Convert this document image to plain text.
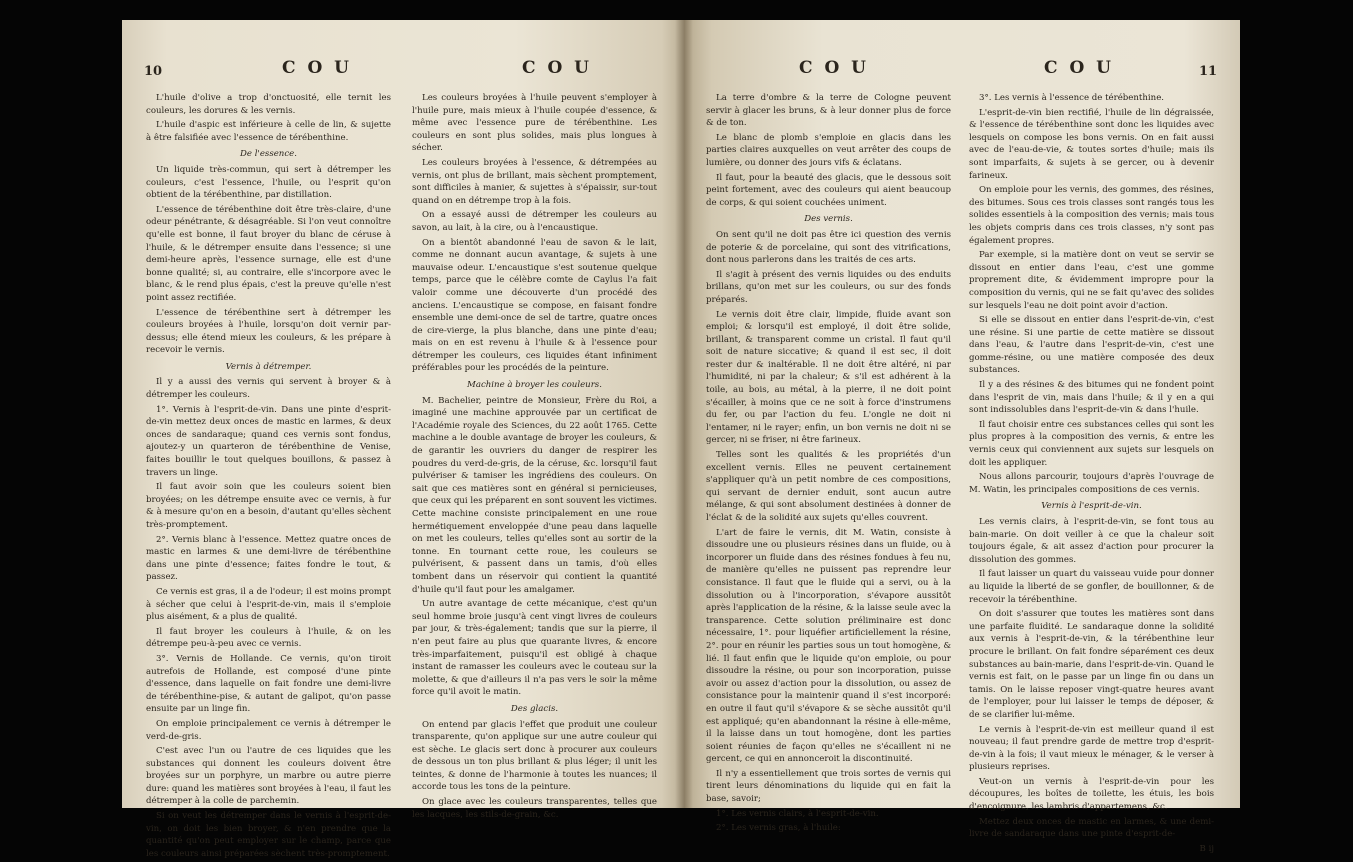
10	C O U	C O U

L'huile d'olive a trop d'onctuosité, elle ternit les couleurs, les dorures & les vernis.

L'huile d'aspic est inférieure à celle de lin, & sujette à être falsifiée avec l'essence de térébenthine.

De l'essence.

Un liquide très-commun, qui sert à détremper les couleurs, c'est l'essence, l'huile, ou l'esprit qu'on obtient de la térébenthine, par distillation.

L'essence de térébenthine doit être très-claire, d'une odeur pénétrante, & désagréable. Si l'on veut connoître qu'elle est bonne, il faut broyer du blanc de céruse à l'huile, & le détremper ensuite dans l'essence; si une demi-heure après, l'essence surnage, elle est d'une bonne qualité; si, au contraire, elle s'incorpore avec le blanc, & le rend plus épais, c'est la preuve qu'elle n'est point assez rectifiée.

L'essence de térébenthine sert à détremper les couleurs broyées à l'huile, lorsqu'on doit vernir par-dessus; elle étend mieux les couleurs, & les prépare à recevoir le vernis.

Vernis à détremper.

Il y a aussi des vernis qui servent à broyer & à détremper les couleurs.

1°. Vernis à l'esprit-de-vin. Dans une pinte d'esprit-de-vin mettez deux onces de mastic en larmes, & deux onces de sandaraque; quand ces vernis sont fondus, ajoutez-y un quarteron de térébenthine de Venise, faites bouillir le tout quelques bouillons, & passez à travers un linge.

Il faut avoir soin que les couleurs soient bien broyées; on les détrempe ensuite avec ce vernis, à fur & à mesure qu'on en a besoin, d'autant qu'elles sèchent très-promptement.

2°. Vernis blanc à l'essence. Mettez quatre onces de mastic en larmes & une demi-livre de térébenthine dans une pinte d'essence; faites fondre le tout, & passez.

Ce vernis est gras, il a de l'odeur; il est moins prompt à sécher que celui à l'esprit-de-vin, mais il s'emploie plus aisément, & a plus de qualité.

Il faut broyer les couleurs à l'huile, & on les détrempe peu-à-peu avec ce vernis.

3°. Vernis de Hollande. Ce vernis, qu'on tiroit autrefois de Hollande, est composé d'une pinte d'essence, dans laquelle on fait fondre une demi-livre de térébenthine-pise, & autant de galipot, qu'on passe ensuite par un linge fin.

On emploie principalement ce vernis à détremper le verd-de-gris.

C'est avec l'un ou l'autre de ces liquides que les substances qui donnent les couleurs doivent être broyées sur un porphyre, un marbre ou autre pierre dure: quand les matières sont broyées à l'eau, il faut les détremper à la colle de parchemin.

Si on veut les détremper dans le vernis à l'esprit-de-vin, on doit les bien broyer, & n'en prendre que la quantité qu'on peut employer sur le champ, parce que les couleurs ainsi préparées sèchent très-promptement.

Les couleurs broyées à l'huile peuvent s'employer à l'huile pure, mais mieux à l'huile coupée d'essence, & même avec l'essence pure de térébenthine. Les couleurs en sont plus solides, mais plus longues à sécher.

Les couleurs broyées à l'essence, & détrempées au vernis, ont plus de brillant, mais sèchent promptement, sont difficiles à manier, & sujettes à s'épaissir, sur-tout quand on en détrempe trop à la fois.

On a essayé aussi de détremper les couleurs au savon, au lait, à la cire, ou à l'encaustique.

On a bientôt abandonné l'eau de savon & le lait, comme ne donnant aucun avantage, & sujets à une mauvaise odeur. L'encaustique s'est soutenue quelque temps, parce que le célèbre comte de Caylus l'a fait valoir comme une découverte d'un procédé des anciens. L'encaustique se compose, en faisant fondre ensemble une demi-once de sel de tartre, quatre onces de cire-vierge, la plus blanche, dans une pinte d'eau; mais on en est revenu à l'huile & à l'essence pour détremper les couleurs, ces liquides étant infiniment préférables pour les procédés de la peinture.

Machine à broyer les couleurs.

M. Bachelier, peintre de Monsieur, Frère du Roi, a imaginé une machine approuvée par un certificat de l'Académie royale des Sciences, du 22 août 1765. Cette machine a le double avantage de broyer les couleurs, & de garantir les ouvriers du danger de respirer les poudres du verd-de-gris, de la céruse, &c. lorsqu'il faut pulvériser & tamiser les ingrédiens des couleurs. On sait que ces matières sont en général si pernicieuses, que ceux qui les préparent en sont souvent les victimes. Cette machine consiste principalement en une roue hermétiquement enveloppée d'une peau dans laquelle on met les couleurs, telles qu'elles sont au sortir de la tonne. En tournant cette roue, les couleurs se pulvérisent, & passent dans un tamis, d'où elles tombent dans un réservoir qui contient la quantité d'huile qu'il faut pour les amalgamer.

Un autre avantage de cette mécanique, c'est qu'un seul homme broie jusqu'à cent vingt livres de couleurs par jour, & très-également; tandis que sur la pierre, il n'en peut faire au plus que quarante livres, & encore très-imparfaitement, puisqu'il est obligé à chaque instant de ramasser les couleurs avec le couteau sur la molette, & que d'ailleurs il n'a pas vers le soir la même force qu'il avoit le matin.

Des glacis.

On entend par glacis l'effet que produit une couleur transparente, qu'on applique sur une autre couleur qui est sèche. Le glacis sert donc à procurer aux couleurs de dessous un ton plus brillant & plus léger; il unit les teintes, & donne de l'harmonie à toutes les nuances; il accorde tous les tons de la peinture.

On glace avec les couleurs transparentes, telles que les lacques, les stils-de-grain, &c.

C O U	C O U	11

La terre d'ombre & la terre de Cologne peuvent servir à glacer les bruns, & à leur donner plus de force & de ton.

Le blanc de plomb s'emploie en glacis dans les parties claires auxquelles on veut arrêter des coups de lumière, ou donner des jours vifs & éclatans.

Il faut, pour la beauté des glacis, que le dessous soit peint fortement, avec des couleurs qui aient beaucoup de corps, & qui soient couchées uniment.

Des vernis.

On sent qu'il ne doit pas être ici question des vernis de poterie & de porcelaine, qui sont des vitrifications, dont nous parlerons dans les traités de ces arts.

Il s'agit à présent des vernis liquides ou des enduits brillans, qu'on met sur les couleurs, ou sur des fonds préparés.

Le vernis doit être clair, limpide, fluide avant son emploi; & lorsqu'il est employé, il doit être solide, brillant, & transparent comme un cristal. Il faut qu'il soit de nature siccative; & quand il est sec, il doit rester dur & inaltérable. Il ne doit être altéré, ni par l'humidité, ni par la chaleur; & s'il est adhérent à la toile, au bois, au métal, à la pierre, il ne doit point s'écailler, à moins que ce ne soit à force d'instrumens du fer, ou par l'action du feu. L'ongle ne doit ni l'entamer, ni le rayer; enfin, un bon vernis ne doit ni se gercer, ni se friser, ni être farineux.

Telles sont les qualités & les propriétés d'un excellent vernis. Elles ne peuvent certainement s'appliquer qu'à un petit nombre de ces compositions, qui servant de dernier enduit, sont aucun autre mélange, & qui sont absolument destinées à donner de l'éclat & de la solidité aux sujets qu'elles couvrent.

L'art de faire le vernis, dit M. Watin, consiste à dissoudre une ou plusieurs résines dans un fluide, ou à incorporer un fluide dans des résines fondues à feu nu, de manière qu'elles ne puissent pas reprendre leur consistance. Il faut que le fluide qui a servi, ou à la dissolution ou à l'incorporation, s'évapore aussitôt après l'application de la résine, & la laisse seule avec la transparence. Cette solution préliminaire est donc nécessaire, 1°. pour liquéfier artificiellement la résine, 2°. pour en réunir les parties sous un tout homogène, & lié. Il faut enfin que le liquide qu'on emploie, ou pour dissoudre la résine, ou pour son incorporation, puisse avoir ou assez d'action pour la dissolution, ou assez de consistance pour la maintenir quand il s'est incorporé: en outre il faut qu'il s'évapore & se sèche aussitôt qu'il est appliqué; qu'en abandonnant la résine à elle-même, il la laisse dans un tout homogène, dont les parties soient réunies de façon qu'elles ne s'écaillent ni ne gercent, ce qui en annonceroit la discontinuité.

Il n'y a essentiellement que trois sortes de vernis qui tirent leurs dénominations du liquide qui en fait la base, savoir;

1°. Les vernis clairs, à l'esprit-de-vin.

2°. Les vernis gras, à l'huile:

3°. Les vernis à l'essence de térébenthine.

L'esprit-de-vin bien rectifié, l'huile de lin dégraissée, & l'essence de térébenthine sont donc les liquides avec lesquels on compose les bons vernis. On en fait aussi avec de l'eau-de-vie, & toutes sortes d'huile; mais ils sont imparfaits, & sujets à se gercer, ou à devenir farineux.

On emploie pour les vernis, des gommes, des résines, des bitumes. Sous ces trois classes sont rangés tous les solides essentiels à la composition des vernis; mais tous les objets compris dans ces trois classes, n'y sont pas également propres.

Par exemple, si la matière dont on veut se servir se dissout en entier dans l'eau, c'est une gomme proprement dite, & évidemment impropre pour la composition du vernis, qui ne se fait qu'avec des solides sur lesquels l'eau ne doit point avoir d'action.

Si elle se dissout en entier dans l'esprit-de-vin, c'est une résine. Si une partie de cette matière se dissout dans l'eau, & l'autre dans l'esprit-de-vin, c'est une gomme-résine, ou une matière composée des deux substances.

Il y a des résines & des bitumes qui ne fondent point dans l'esprit de vin, mais dans l'huile; & il y en a qui sont indissolubles dans l'esprit-de-vin & dans l'huile.

Il faut choisir entre ces substances celles qui sont les plus propres à la composition des vernis, & entre les vernis ceux qui conviennent aux sujets sur lesquels on doit les appliquer.

Nous allons parcourir, toujours d'après l'ouvrage de M. Watin, les principales compositions de ces vernis.

Vernis à l'esprit-de-vin.

Les vernis clairs, à l'esprit-de-vin, se font tous au bain-marie. On doit veiller à ce que la chaleur soit toujours égale, & ait assez d'action pour procurer la dissolution des gommes.

Il faut laisser un quart du vaisseau vuide pour donner au liquide la liberté de se gonfler, de bouillonner, & de recevoir la térébenthine.

On doit s'assurer que toutes les matières sont dans une parfaite fluidité. Le sandaraque donne la solidité aux vernis à l'esprit-de-vin, & la térébenthine leur procure le brillant. On fait fondre séparément ces deux substances au bain-marie, dans l'esprit-de-vin. Quand le vernis est fait, on le passe par un linge fin ou dans un tamis. On le laisse reposer vingt-quatre heures avant de l'employer, pour lui laisser le temps de déposer, & de se clarifier lui-même.

Le vernis à l'esprit-de-vin est meilleur quand il est nouveau; il faut prendre garde de mettre trop d'esprit-de-vin à la fois; il vaut mieux le ménager, & le verser à plusieurs reprises.

Veut-on un vernis à l'esprit-de-vin pour les découpures, les boîtes de toilette, les étuis, les bois d'encoignure, les lambris d'appartemens, &c.

Mettez deux onces de mastic en larmes, & une demi-livre de sandaraque dans une pinte d'esprit-de-

B ij
